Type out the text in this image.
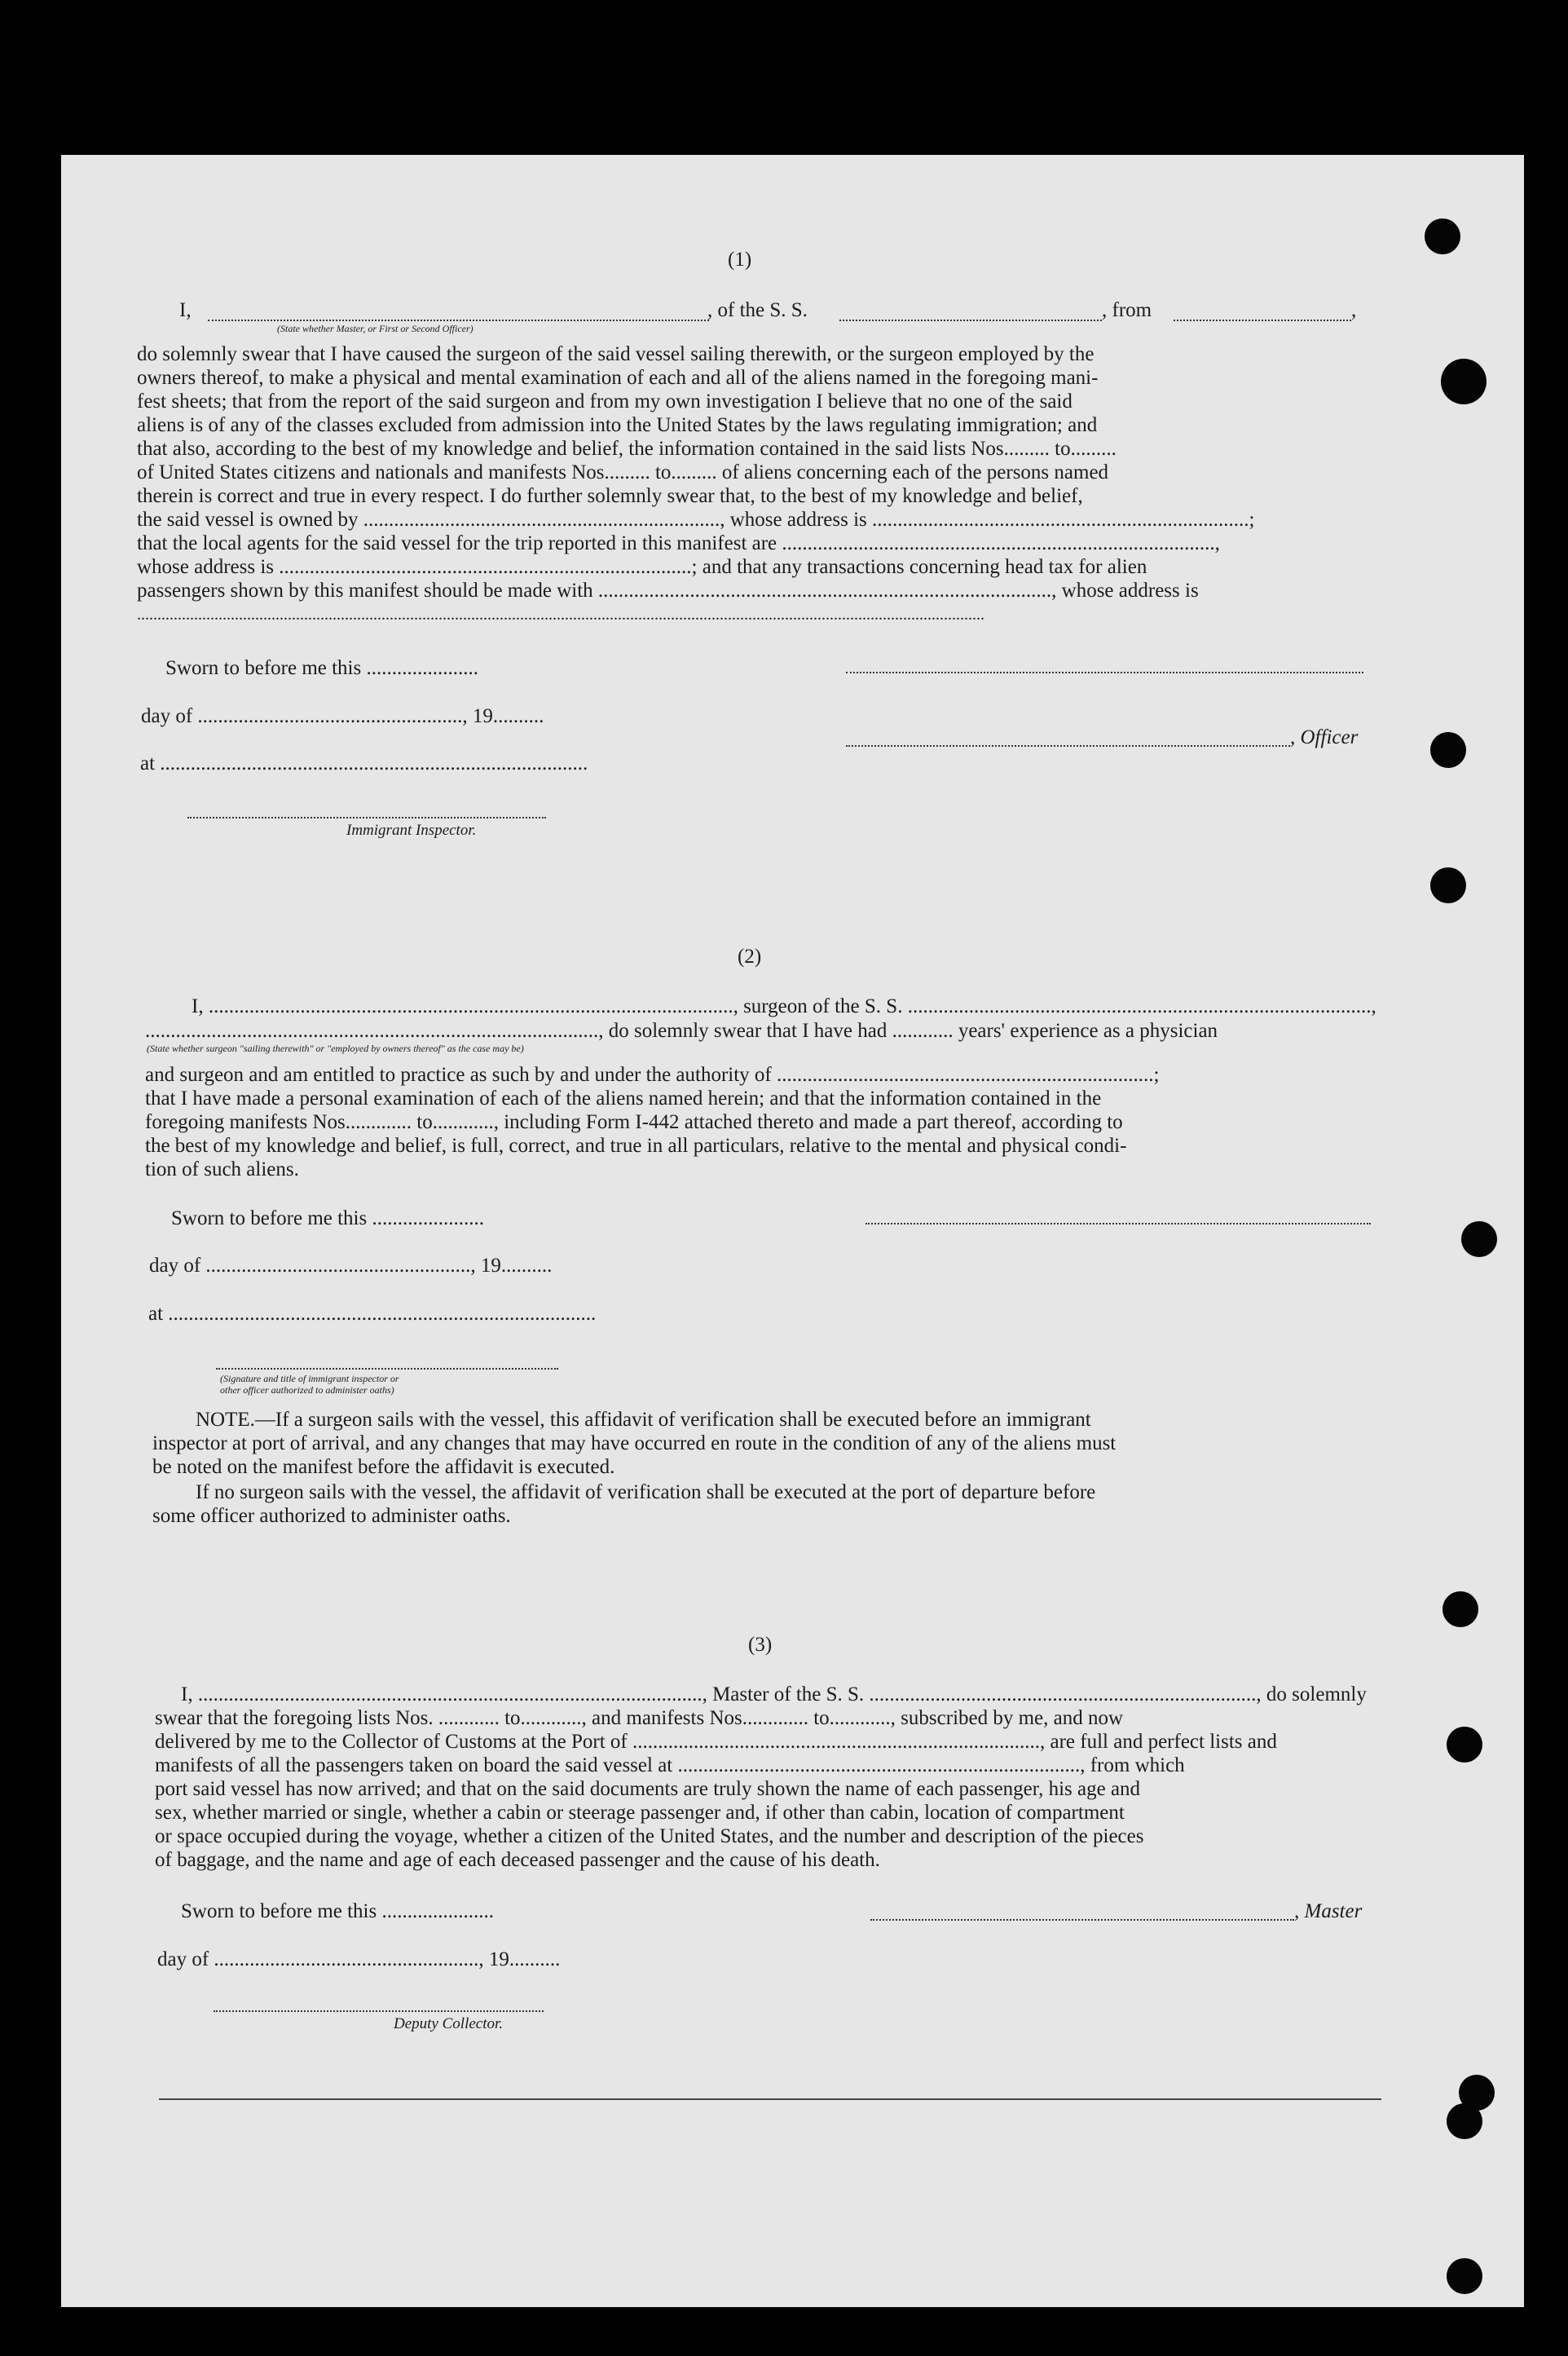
(1)
I,	, of the S. S.	, from	,
(State whether Master, or First or Second Officer)
do solemnly swear that I have caused the surgeon of the said vessel sailing therewith, or the surgeon employed by the
owners thereof, to make a physical and mental examination of each and all of the aliens named in the foregoing mani-
fest sheets; that from the report of the said surgeon and from my own investigation I believe that no one of the said
aliens is of any of the classes excluded from admission into the United States by the laws regulating immigration; and
that also, according to the best of my knowledge and belief, the information contained in the said lists Nos......... to.........
of United States citizens and nationals and manifests Nos......... to......... of aliens concerning each of the persons named
therein is correct and true in every respect. I do further solemnly swear that, to the best of my knowledge and belief,
the said vessel is owned by ......................................................................, whose address is ..........................................................................;
that the local agents for the said vessel for the trip reported in this manifest are .....................................................................................,
whose address is .................................................................................; and that any transactions concerning head tax for alien
passengers shown by this manifest should be made with ........................................................................................., whose address is
................................................................................................................................................................................................................
Sworn to before me this ......................
day of ...................................................., 19..........
, Officer
at ....................................................................................
Immigrant Inspector.
(2)
I, ......................................................................................................., surgeon of the S. S. ...........................................................................................,
........................................................................................., do solemnly swear that I have had ............ years' experience as a physician
(State whether surgeon "sailing therewith" or "employed by owners thereof" as the case may be)
and surgeon and am entitled to practice as such by and under the authority of ..........................................................................;
that I have made a personal examination of each of the aliens named herein; and that the information contained in the
foregoing manifests Nos............. to............, including Form I-442 attached thereto and made a part thereof, according to
the best of my knowledge and belief, is full, correct, and true in all particulars, relative to the mental and physical condi-
tion of such aliens.
Sworn to before me this ......................
day of ...................................................., 19..........
at ....................................................................................
(Signature and title of immigrant inspector or
other officer authorized to administer oaths)
NOTE.—If a surgeon sails with the vessel, this affidavit of verification shall be executed before an immigrant
inspector at port of arrival, and any changes that may have occurred en route in the condition of any of the aliens must
be noted on the manifest before the affidavit is executed.
If no surgeon sails with the vessel, the affidavit of verification shall be executed at the port of departure before
some officer authorized to administer oaths.
(3)
I, ..................................................................................................., Master of the S. S. ............................................................................, do solemnly
swear that the foregoing lists Nos. ............ to............, and manifests Nos............. to............, subscribed by me, and now
delivered by me to the Collector of Customs at the Port of ................................................................................, are full and perfect lists and
manifests of all the passengers taken on board the said vessel at ..............................................................................., from which
port said vessel has now arrived; and that on the said documents are truly shown the name of each passenger, his age and
sex, whether married or single, whether a cabin or steerage passenger and, if other than cabin, location of compartment
or space occupied during the voyage, whether a citizen of the United States, and the number and description of the pieces
of baggage, and the name and age of each deceased passenger and the cause of his death.
Sworn to before me this ......................	, Master
day of ...................................................., 19..........
Deputy Collector.
